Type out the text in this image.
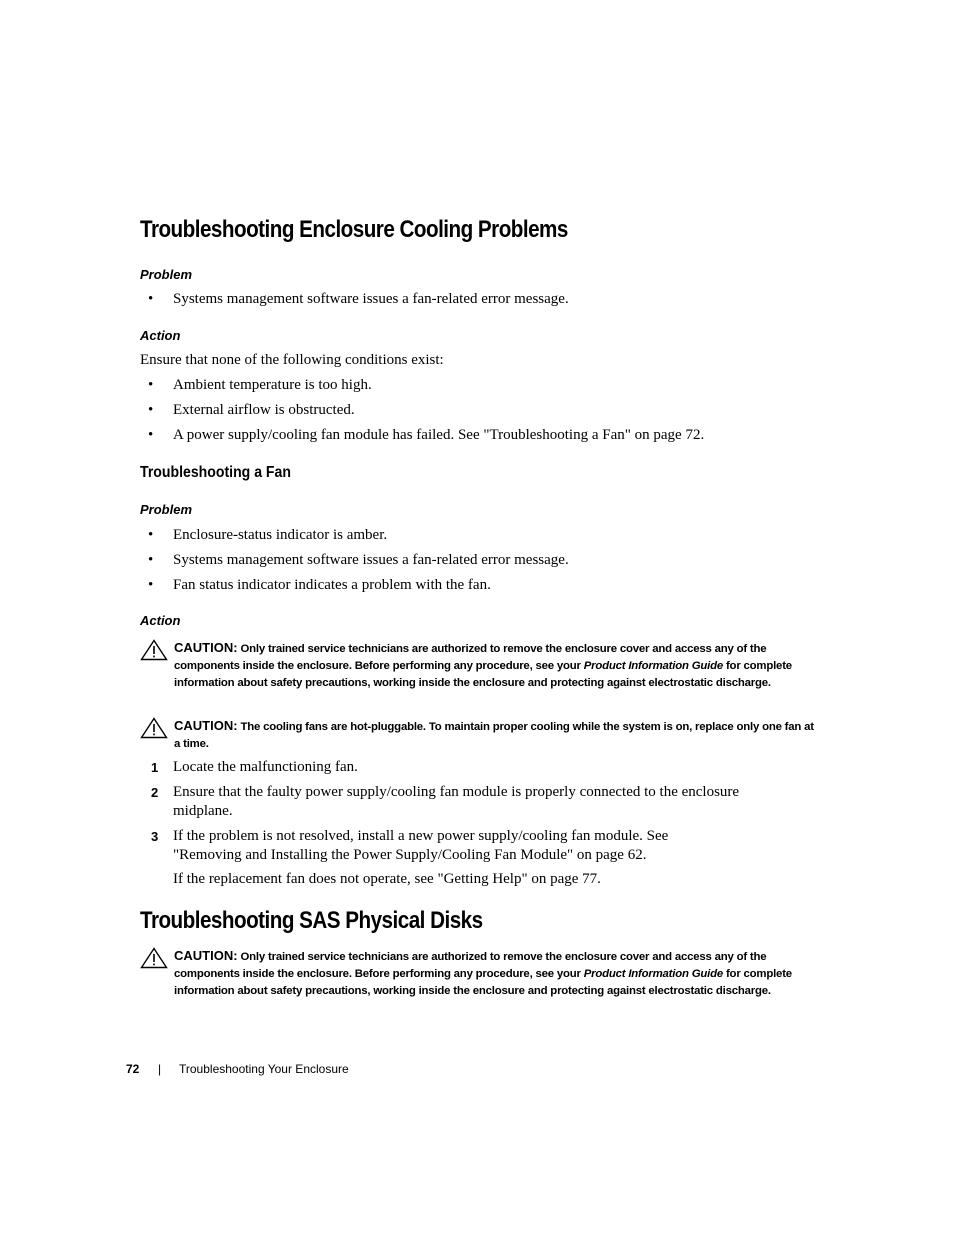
Troubleshooting Enclosure Cooling Problems
Problem
• Systems management software issues a fan-related error message.
Action
Ensure that none of the following conditions exist:
• Ambient temperature is too high.
• External airflow is obstructed.
• A power supply/cooling fan module has failed. See "Troubleshooting a Fan" on page 72.
Troubleshooting a Fan
Problem
• Enclosure-status indicator is amber.
• Systems management software issues a fan-related error message.
• Fan status indicator indicates a problem with the fan.
Action
CAUTION: Only trained service technicians are authorized to remove the enclosure cover and access any of the components inside the enclosure. Before performing any procedure, see your Product Information Guide for complete information about safety precautions, working inside the enclosure and protecting against electrostatic discharge.
CAUTION: The cooling fans are hot-pluggable. To maintain proper cooling while the system is on, replace only one fan at a time.
1 Locate the malfunctioning fan.
2 Ensure that the faulty power supply/cooling fan module is properly connected to the enclosure
midplane.
3 If the problem is not resolved, install a new power supply/cooling fan module. See
"Removing and Installing the Power Supply/Cooling Fan Module" on page 62.
If the replacement fan does not operate, see "Getting Help" on page 77.
Troubleshooting SAS Physical Disks
CAUTION: Only trained service technicians are authorized to remove the enclosure cover and access any of the components inside the enclosure. Before performing any procedure, see your Product Information Guide for complete information about safety precautions, working inside the enclosure and protecting against electrostatic discharge.
72 | Troubleshooting Your Enclosure
